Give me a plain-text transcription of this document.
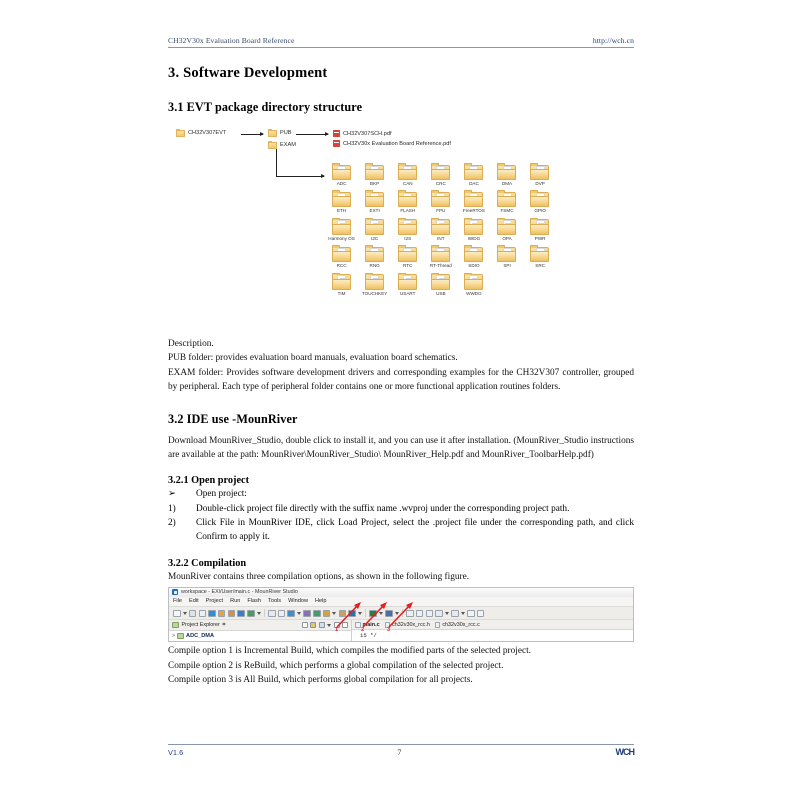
CH32V30x Evaluation Board Reference	http://wch.cn
3. Software Development
3.1 EVT package directory structure
CH32V307EVT	PUB
EXAM
CH32V307SCH.pdf
CH32V30x Evaluation Board Reference.pdf
ADC	BKP	CAN	CRC	DAC	DMA	DVP
ETH	EXTI	FLASH	FPU	FreeRTOS	FSMC	GPIO
Harmony OS	I2C	I2S	INT	IWDG	OPA	PWR
RCC	RNG	RTC	RT-Thread	SDIO	SPI	SRC
TIM	TOUCHKEY	USART	USB	WWDG
Description.
PUB folder: provides evaluation board manuals, evaluation board schematics.

EXAM folder: Provides software development drivers and corresponding examples for the CH32V307 controller, grouped by peripheral. Each type of peripheral folder contains one or more functional application routines folders.

3.2 IDE use -MounRiver

Download MounRiver_Studio, double click to install it, and you can use it after installation. (MounRiver_Studio instructions are available at the path: MounRiver\MounRiver_Studio\ MounRiver_Help.pdf and MounRiver_ToolbarHelp.pdf)

3.2.1 Open project
➢	Open project:
1)	Double-click project file directly with the suffix name .wvproj under the corresponding project path.
2)	Click File in MounRiver IDE, click Load Project, select the .project file under the corresponding path, and click Confirm to apply it.
3.2.2 Compilation
MounRiver contains three compilation options, as shown in the following figure.
workspace - EXl/User/main.c - MounRiver Studio
File Edit Project Run Flash Tools Window Help
Project Explorer ⌗
> ADC_DMA
main.c ch32v30x_rcc.h ch32v30x_rcc.c
15 */
1	2	3
Compile option 1 is Incremental Build, which compiles the modified parts of the selected project.
Compile option 2 is ReBuild, which performs a global compilation of the selected project.
Compile option 3 is All Build, which performs global compilation for all projects.
V1.6	7	WCH
